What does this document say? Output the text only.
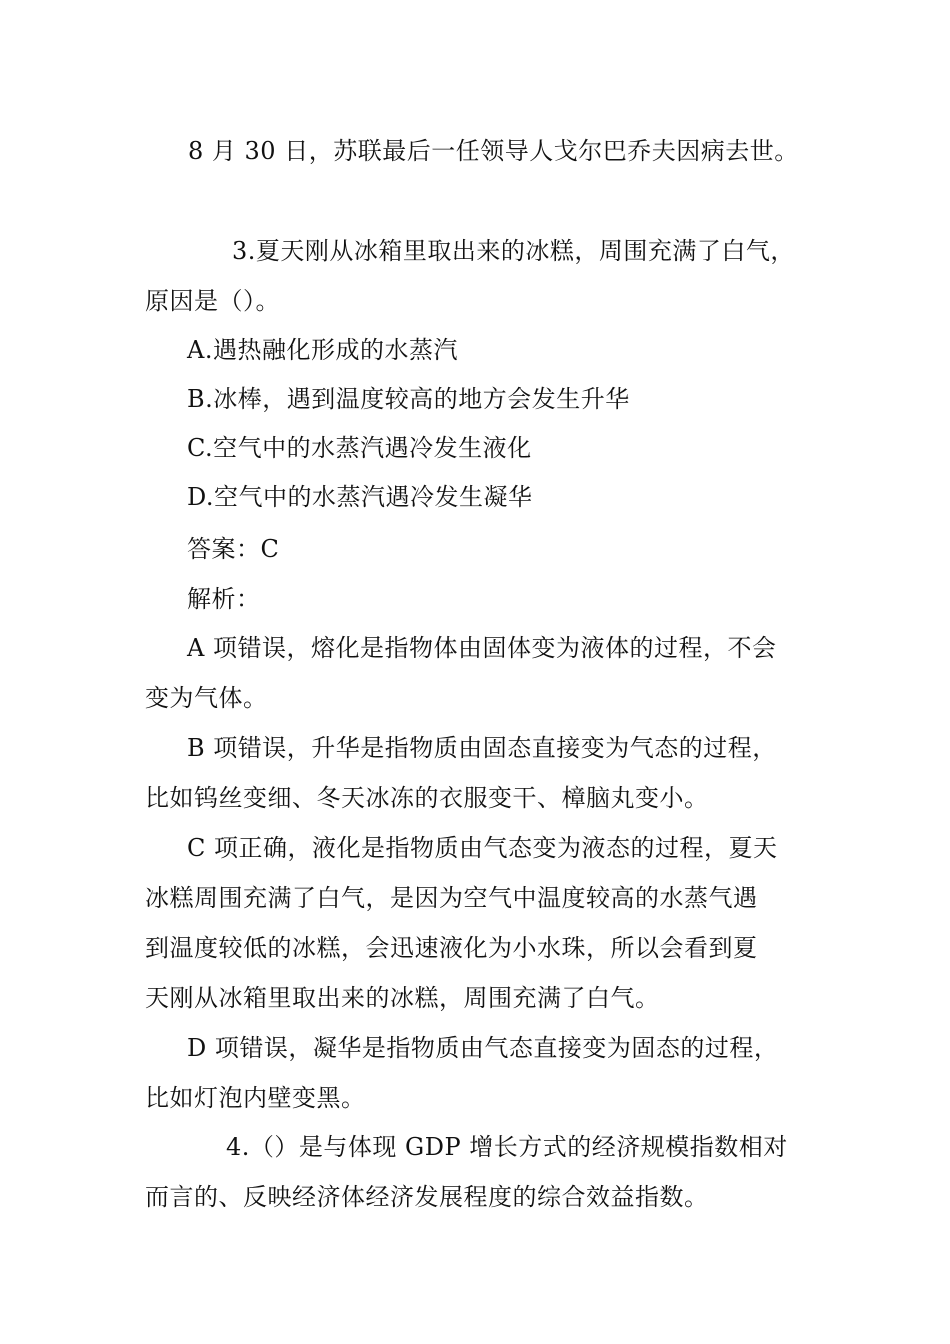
8 月 30 日，苏联最后一任领导人戈尔巴乔夫因病去世。
3.夏天刚从冰箱里取出来的冰糕，周围充满了白气，
原因是（）。
A.遇热融化形成的水蒸汽
B.冰棒，遇到温度较高的地方会发生升华
C.空气中的水蒸汽遇冷发生液化
D.空气中的水蒸汽遇冷发生凝华
答案：C
解析：
A 项错误，熔化是指物体由固体变为液体的过程，不会
变为气体。
B 项错误，升华是指物质由固态直接变为气态的过程，
比如钨丝变细、冬天冰冻的衣服变干、樟脑丸变小。
C 项正确，液化是指物质由气态变为液态的过程，夏天
冰糕周围充满了白气，是因为空气中温度较高的水蒸气遇
到温度较低的冰糕，会迅速液化为小水珠，所以会看到夏
天刚从冰箱里取出来的冰糕，周围充满了白气。
D 项错误，凝华是指物质由气态直接变为固态的过程，
比如灯泡内壁变黑。
4.（）是与体现 GDP 增长方式的经济规模指数相对
而言的、反映经济体经济发展程度的综合效益指数。
